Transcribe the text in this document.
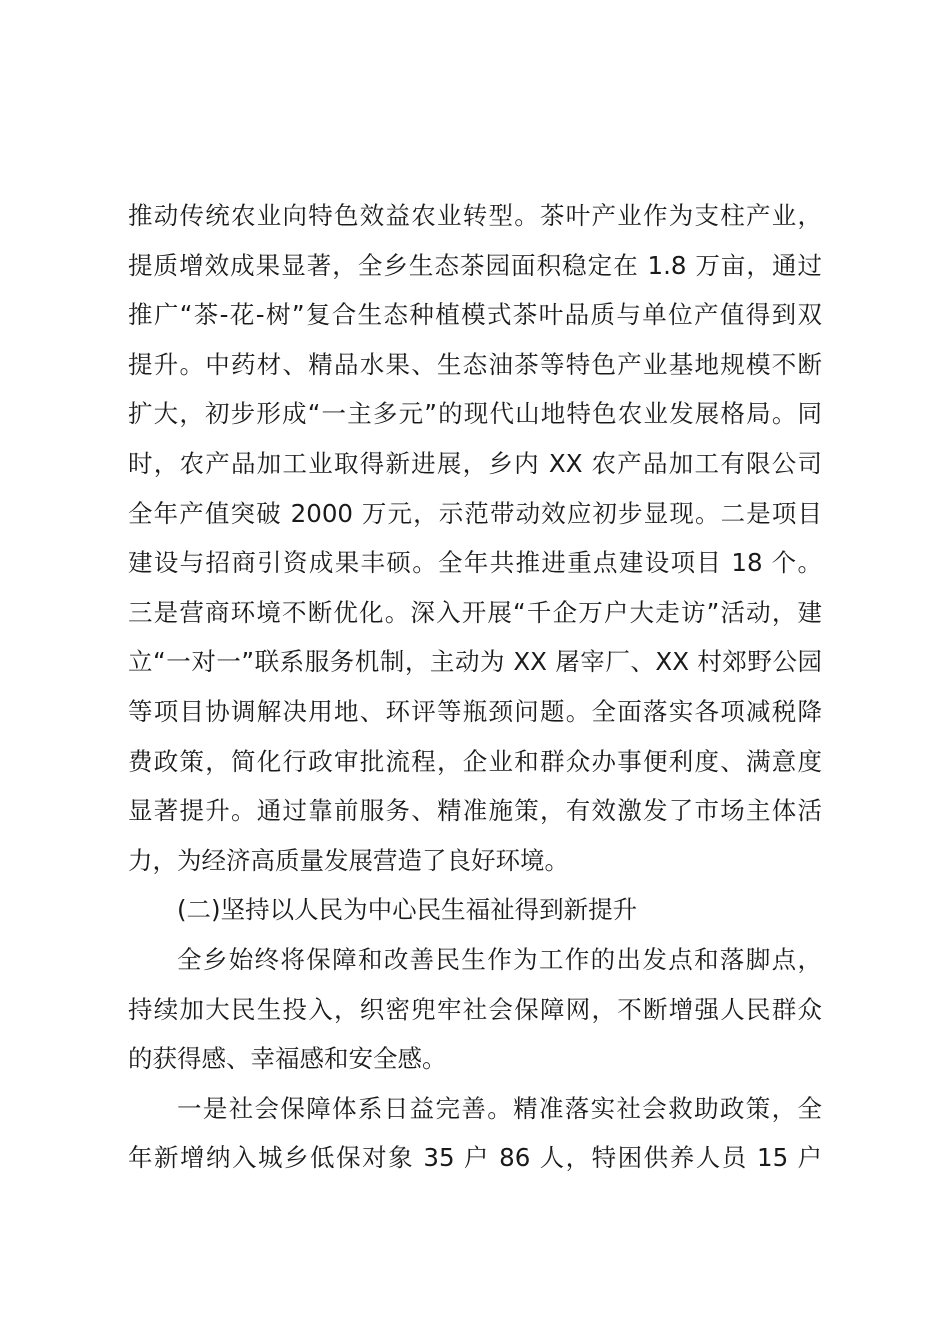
推动传统农业向特色效益农业转型。茶叶产业作为支柱产业，
提质增效成果显著，全乡生态茶园面积稳定在 1.8 万亩，通过
推广“茶-花-树”复合生态种植模式茶叶品质与单位产值得到双
提升。中药材、精品水果、生态油茶等特色产业基地规模不断
扩大，初步形成“一主多元”的现代山地特色农业发展格局。同
时，农产品加工业取得新进展，乡内 XX 农产品加工有限公司
全年产值突破 2000 万元，示范带动效应初步显现。二是项目
建设与招商引资成果丰硕。全年共推进重点建设项目 18 个。
三是营商环境不断优化。深入开展“千企万户大走访”活动，建
立“一对一”联系服务机制，主动为 XX 屠宰厂、XX 村郊野公园
等项目协调解决用地、环评等瓶颈问题。全面落实各项减税降
费政策，简化行政审批流程，企业和群众办事便利度、满意度
显著提升。通过靠前服务、精准施策，有效激发了市场主体活
力，为经济高质量发展营造了良好环境。
(二)坚持以人民为中心民生福祉得到新提升
全乡始终将保障和改善民生作为工作的出发点和落脚点，
持续加大民生投入，织密兜牢社会保障网，不断增强人民群众
的获得感、幸福感和安全感。
一是社会保障体系日益完善。精准落实社会救助政策，全
年新增纳入城乡低保对象 35 户 86 人，特困供养人员 15 户
